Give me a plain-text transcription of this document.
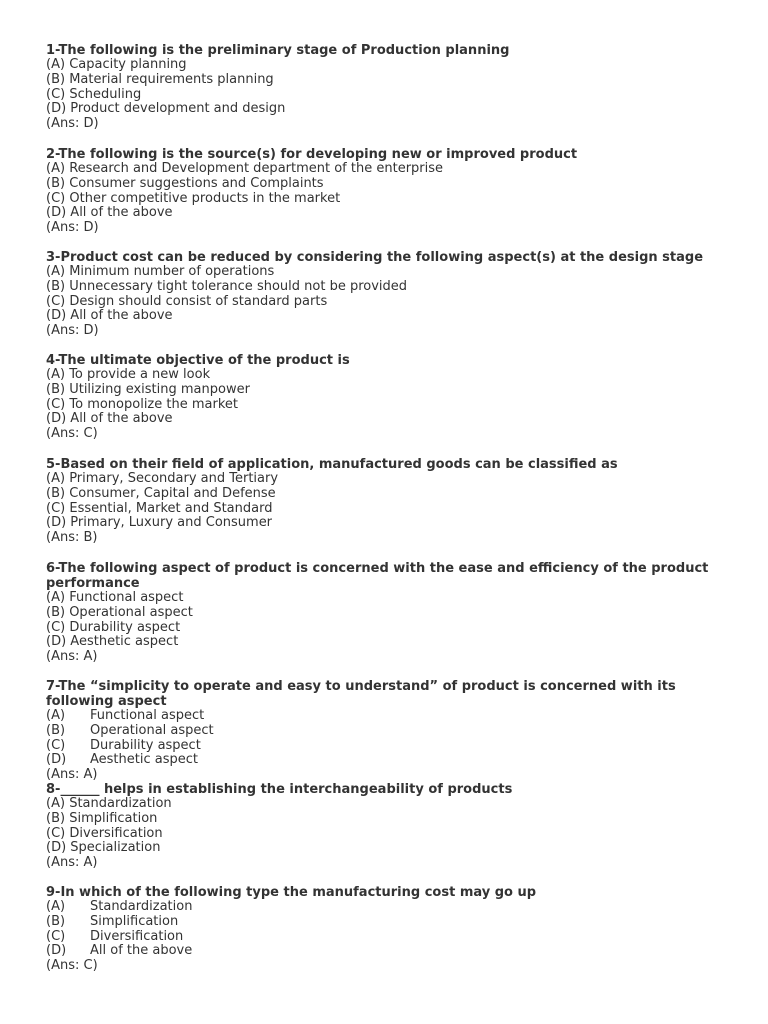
1-The following is the preliminary stage of Production planning

(A) Capacity planning

(B) Material requirements planning

(C) Scheduling

(D) Product development and design

(Ans: D)

2-The following is the source(s) for developing new or improved product

(A) Research and Development department of the enterprise

(B) Consumer suggestions and Complaints

(C) Other competitive products in the market

(D) All of the above

(Ans: D)

3-Product cost can be reduced by considering the following aspect(s) at the design stage

(A) Minimum number of operations

(B) Unnecessary tight tolerance should not be provided

(C) Design should consist of standard parts

(D) All of the above

(Ans: D)

4-The ultimate objective of the product is

(A) To provide a new look

(B) Utilizing existing manpower

(C) To monopolize the market

(D) All of the above

(Ans: C)

5-Based on their field of application, manufactured goods can be classified as

(A) Primary, Secondary and Tertiary

(B) Consumer, Capital and Defense

(C) Essential, Market and Standard

(D) Primary, Luxury and Consumer

(Ans: B)

6-The following aspect of product is concerned with the ease and efficiency of the product performance

(A) Functional aspect

(B) Operational aspect

(C) Durability aspect

(D) Aesthetic aspect

(Ans: A)

7-The “simplicity to operate and easy to understand” of product is concerned with its following aspect

(A) Functional aspect

(B) Operational aspect

(C) Durability aspect

(D) Aesthetic aspect

(Ans: A)

8-______ helps in establishing the interchangeability of products

(A) Standardization

(B) Simplification

(C) Diversification

(D) Specialization

(Ans: A)

9-In which of the following type the manufacturing cost may go up

(A) Standardization

(B) Simplification

(C) Diversification

(D) All of the above

(Ans: C)
